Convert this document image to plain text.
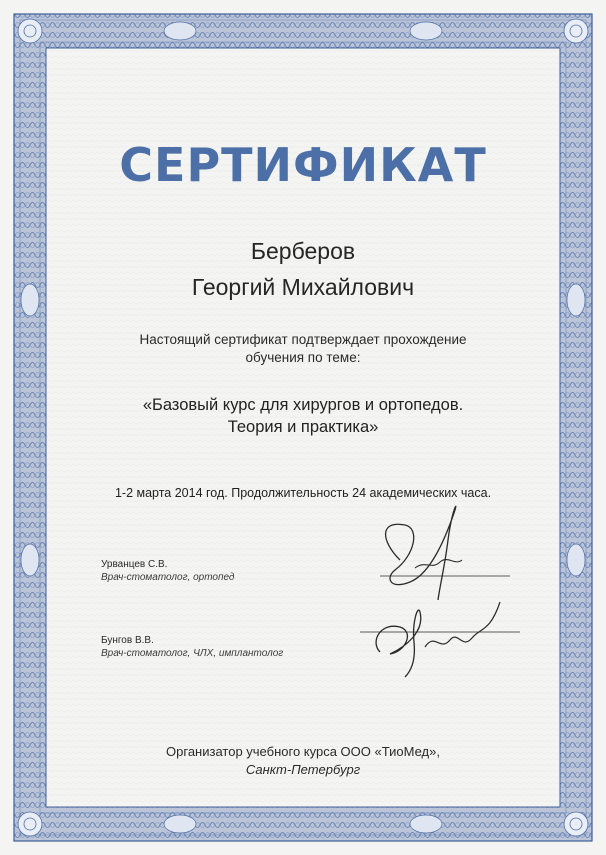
СЕРТИФИКАТ

Берберов

Георгий Михайлович

Настоящий сертификат подтверждает прохождение

обучения по теме:

«Базовый курс для хирургов и ортопедов.

Теория и практика»

1-2 марта 2014 год. Продолжительность 24 академических часа.

Урванцев С.В.

Врач-стоматолог, ортопед

Бунгов В.В.

Врач-стоматолог, ЧЛХ, имплантолог

Организатор учебного курса ООО «ТиоМед»,

Санкт-Петербург
